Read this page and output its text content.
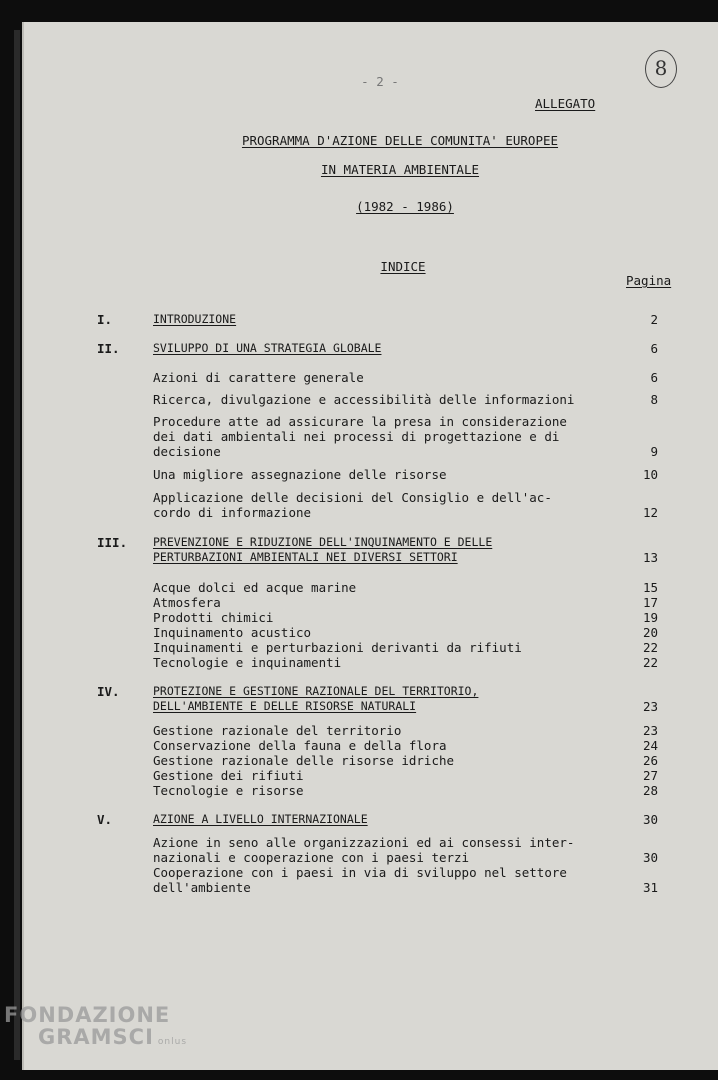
- 2 -
8
ALLEGATO
PROGRAMMA D'AZIONE DELLE COMUNITA' EUROPEE
IN MATERIA AMBIENTALE
(1982 - 1986)
INDICE
Pagina
I.	INTRODUZIONE	2
II.	SVILUPPO DI UNA STRATEGIA GLOBALE	6
Azioni di carattere generale	6
Ricerca, divulgazione e accessibilità delle informazioni	8
Procedure atte ad assicurare la presa in considerazione
dei dati ambientali nei processi di progettazione e di
decisione	9
Una migliore assegnazione delle risorse	10
Applicazione delle decisioni del Consiglio e dell'ac-
cordo di informazione	12
III. PREVENZIONE E RIDUZIONE DELL'INQUINAMENTO E DELLE
PERTURBAZIONI AMBIENTALI NEI DIVERSI SETTORI	13
Acque dolci ed acque marine	15
Atmosfera	17
Prodotti chimici	19
Inquinamento acustico	20
Inquinamenti e perturbazioni derivanti da rifiuti	22
Tecnologie e inquinamenti	22
IV.	PROTEZIONE E GESTIONE RAZIONALE DEL TERRITORIO,
DELL'AMBIENTE E DELLE RISORSE NATURALI	23
Gestione razionale del territorio	23
Conservazione della fauna e della flora	24
Gestione razionale delle risorse idriche	26
Gestione dei rifiuti	27
Tecnologie e risorse	28
V.	AZIONE A LIVELLO INTERNAZIONALE	30
Azione in seno alle organizzazioni ed ai consessi inter-
nazionali e cooperazione con i paesi terzi	30
Cooperazione con i paesi in via di sviluppo nel settore
dell'ambiente	31
FONDAZIONE
GRAMSCI onlus
